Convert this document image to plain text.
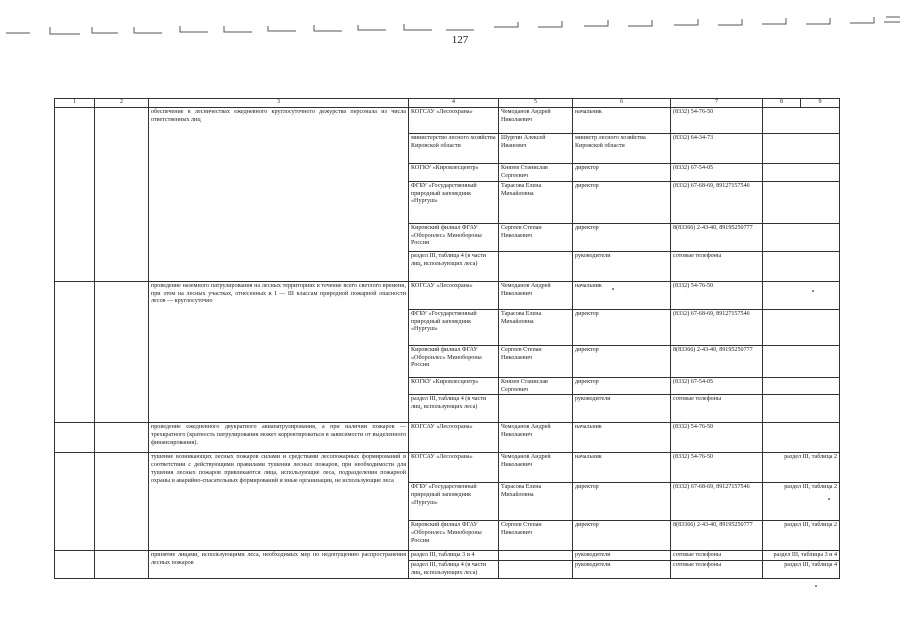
127
1	2	3	4	5	6	7	8	9
		обеспечение в лесничествах ежедневного круглосуточного дежурства персонала из числа ответственных лиц	КОГСАУ «Лесоохрана»	Чемоданов Андрей Николаевич	начальник	(8332) 54-76-50		
			министерство лесного хозяйства Кировской области	Шургин Алексей Иванович	министр лесного хозяйства Кировской области	(8332) 64-34-73		
			КОГКУ «Кировлесцентр»	Князев Станислав Сергеевич	директор	(8332) 67-54-05		
			ФГБУ «Государственный природный заповедник «Нургуш»	Тарасова Елена Михайловна	директор	(8332) 67-68-69, 89127157546		
			Кировский филиал ФГАУ «Оборонлес» Минобороны России	Сергеев Степан Николаевич	директор	8(83366) 2-43-40, 89195250777		
			раздел III, таблица 4 (в части лиц, использующих леса)		руководители	сотовые телефоны		
		проведение наземного патрулирования на лесных территориях в течение всего светлого времени, при этом на лесных участках, отнесенных к I — III классам природной пожарной опасности лесов — круглосуточно	КОГСАУ «Лесоохрана»	Чемоданов Андрей Николаевич	начальник	(8332) 54-76-50		
			ФГБУ «Государственный природный заповедник «Нургуш»	Тарасова Елена Михайловна	директор	(8332) 67-68-69, 89127157546		
			Кировский филиал ФГАУ «Оборонлес» Минобороны России	Сергеев Степан Николаевич	директор	8(83366) 2-43-40, 89195250777		
			КОГКУ «Кировлесцентр»	Князев Станислав Сергеевич	директор	(8332) 67-54-05		
			раздел III, таблица 4 (в части лиц, использующих леса)		руководители	сотовые телефоны		
		проведение ежедневного двукратного авиапатрулирования, а при наличии пожаров — трехкратного (кратность патрулирования может корректироваться в зависимости от выделенного финансирования).	КОГСАУ «Лесоохрана»	Чемоданов Андрей Николаевич	начальник	(8332) 54-76-50		
		тушение возникающих лесных пожаров силами и средствами лесопожарных формирований в соответствии с действующими правилами тушения лесных пожаров, при необходимости для тушения лесных пожаров привлекаются лица, использующие леса, подразделения пожарной охраны и аварийно-спасательных формирований и иные организации, не использующие леса	КОГСАУ «Лесоохрана»	Чемоданов Андрей Николаевич	начальник	(8332) 54-76-50	раздел III, таблица 2	
			ФГБУ «Государственный природный заповедник «Нургуш»	Тарасова Елена Михайловна	директор	(8332) 67-68-69, 89127157546	раздел III, таблица 2	
			Кировский филиал ФГАУ «Оборонлес» Минобороны России	Сергеев Степан Николаевич	директор	8(83366) 2-43-40, 89195250777	раздел III, таблица 2	
		принятие лицами, использующими леса, необходимых мер по недопущению распространения лесных пожаров	раздел III, таблицы 3 и 4		руководители	сотовые телефоны	раздел III, таблицы 3 и 4	
			раздел III, таблица 4 (в части лиц, использующих леса)		руководители	сотовые телефоны	раздел III, таблица 4	
